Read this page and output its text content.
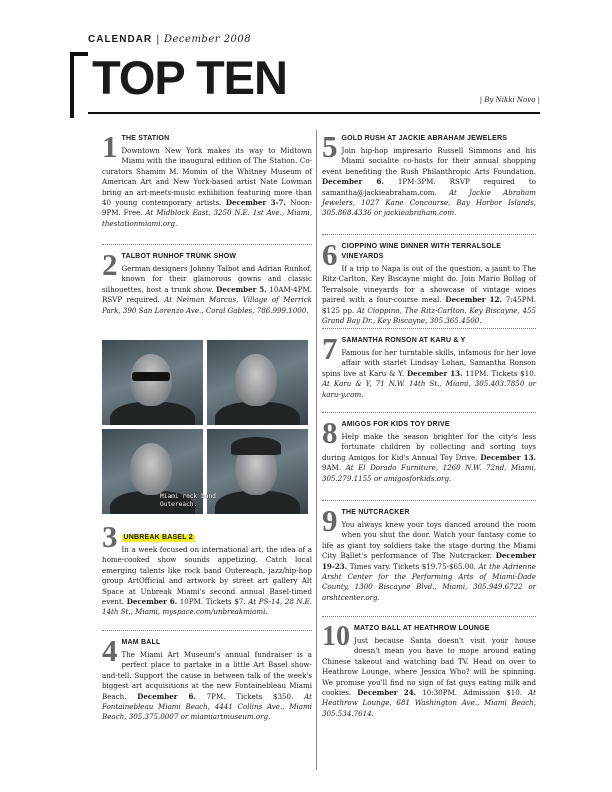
CALENDAR | December 2008
TOP TEN	| By Nikki Novo |
1 THE STATION
Downtown New York makes its way to Midtown Miami with the inaugural edition of The Station. Co-curators Shamim M. Momin of the Whitney Museum of American Art and New York-based artist Nate Lowman bring an art-meets-music exhibition featuring more than 40 young contemporary artists. December 3-7. Noon-9PM. Free. At Midblock East, 3250 N.E. 1st Ave., Miami, thestationmiami.org.
2 TALBOT RUNHOF TRUNK SHOW
German designers Johnny Talbot and Adrian Runhof, known for their glamorous gowns and classic silhouettes, host a trunk show. December 5. 10AM-4PM. RSVP required. At Neiman Marcus, Village of Merrick Park, 390 San Lorenzo Ave., Coral Gables, 786.999.1000.
3 UNBREAK BASEL 2
In a week focused on international art, the idea of a home-cooked show sounds appetizing. Catch local emerging talents like rock band Outereach, jazz/hip-hop group ArtOfficial and artwork by street art gallery Alt Space at Unbreak Miami's second annual Basel-timed event. December 6. 10PM. Tickets $7. At PS-14, 28 N.E. 14th St., Miami, myspace.com/unbreakmiami.
4 MAM BALL
The Miami Art Museum's annual fundraiser is a perfect place to partake in a little Art Basel show-and-tell. Support the cause in between talk of the week's biggest art acquisitions at the new Fontainebleau Miami Beach. December 6. 7PM. Tickets $350. At Fontainebleau Miami Beach, 4441 Collins Ave., Miami Beach, 305.375.0007 or miamiartmuseum.org.
Miami rock band
Outereach.
5 GOLD RUSH AT JACKIE ABRAHAM JEWELERS
Join hip-hop impresario Russell Simmons and his Miami socialite co-hosts for their annual shopping event benefiting the Rush Philanthropic Arts Foundation. December 6. 1PM-3PM. RSVP required to samantha@jackieabraham.com. At Jackie Abraham Jewelers, 1027 Kane Concourse, Bay Harbor Islands, 305.868.4336 or jackieabraham.com.
6 CIOPPINO WINE DINNER WITH TERRALSOLE VINEYARDS
If a trip to Napa is out of the question, a jaunt to The Ritz-Carlton, Key Biscayne might do. Join Mario Bollag of Terralsole vineyards for a showcase of vintage wines paired with a four-course meal. December 12. 7:45PM. $125 pp. At Cioppino, The Ritz-Carlton, Key Biscayne, 455 Grand Bay Dr., Key Biscayne, 305.365.4500.
7 SAMANTHA RONSON AT KARU & Y
Famous for her turntable skills, infamous for her love affair with starlet Lindsay Lohan, Samantha Ronson spins live at Karu & Y. December 13. 11PM. Tickets $10. At Karu & Y, 71 N.W. 14th St., Miami, 305.403.7850 or karu-y.com.
8 AMIGOS FOR KIDS TOY DRIVE
Help make the season brighter for the city's less fortunate children by collecting and sorting toys during Amigos for Kid's Annual Toy Drive. December 13. 9AM. At El Dorado Furniture, 1260 N.W. 72nd, Miami, 305.279.1155 or amigosforkids.org.
9 THE NUTCRACKER
You always knew your toys danced around the room when you shut the door. Watch your fantasy come to life as giant toy soldiers take the stage during the Miami City Ballet's performance of The Nutcracker. December 19-23. Times vary. Tickets $19.75-$65.00. At the Adrienne Arsht Center for the Performing Arts of Miami-Dade County, 1300 Biscayne Blvd., Miami, 305.949.6722 or arshtcenter.org.
10 MATZO BALL AT HEATHROW LOUNGE
Just because Santa doesn't visit your house doesn't mean you have to mope around eating Chinese takeout and watching bad TV. Head on over to Heathrow Lounge, where Jessica Who? will be spinning. We promise you'll find no sign of fat guys eating milk and cookies. December 24. 10:30PM. Admission $10. At Heathrow Lounge, 681 Washington Ave., Miami Beach, 305.534.7614.
